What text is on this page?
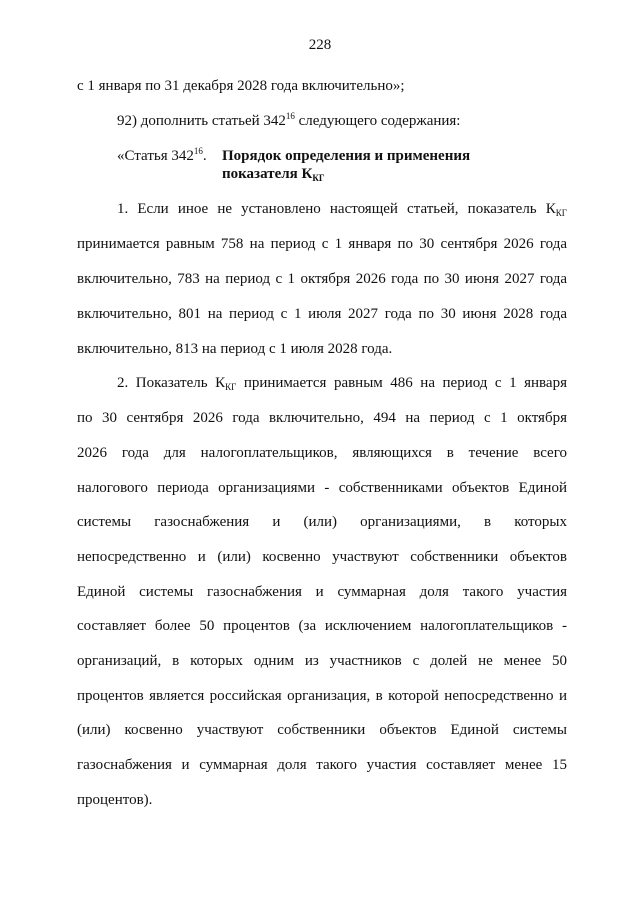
228
с 1 января по 31 декабря 2028 года включительно»;
92) дополнить статьей $342^{16}$ следующего содержания:
«Статья $342^{16}$. Порядок определения и применения
показателя $К_{КГ}$
1. Если иное не установлено настоящей статьей, показатель $К_{КГ}$
принимается равным 758 на период с 1 января по 30 сентября 2026 года
включительно, 783 на период с 1 октября 2026 года по 30 июня 2027 года
включительно, 801 на период с 1 июля 2027 года по 30 июня 2028 года
включительно, 813 на период с 1 июля 2028 года.
2. Показатель $К_{КГ}$ принимается равным 486 на период с 1 января
по 30 сентября 2026 года включительно, 494 на период с 1 октября
2026 года для налогоплательщиков, являющихся в течение всего
налогового периода организациями - собственниками объектов Единой
системы газоснабжения и (или) организациями, в которых
непосредственно и (или) косвенно участвуют собственники объектов
Единой системы газоснабжения и суммарная доля такого участия
составляет более 50 процентов (за исключением налогоплательщиков -
организаций, в которых одним из участников с долей не менее 50
процентов является российская организация, в которой непосредственно и
(или) косвенно участвуют собственники объектов Единой системы
газоснабжения и суммарная доля такого участия составляет менее 15
процентов).
